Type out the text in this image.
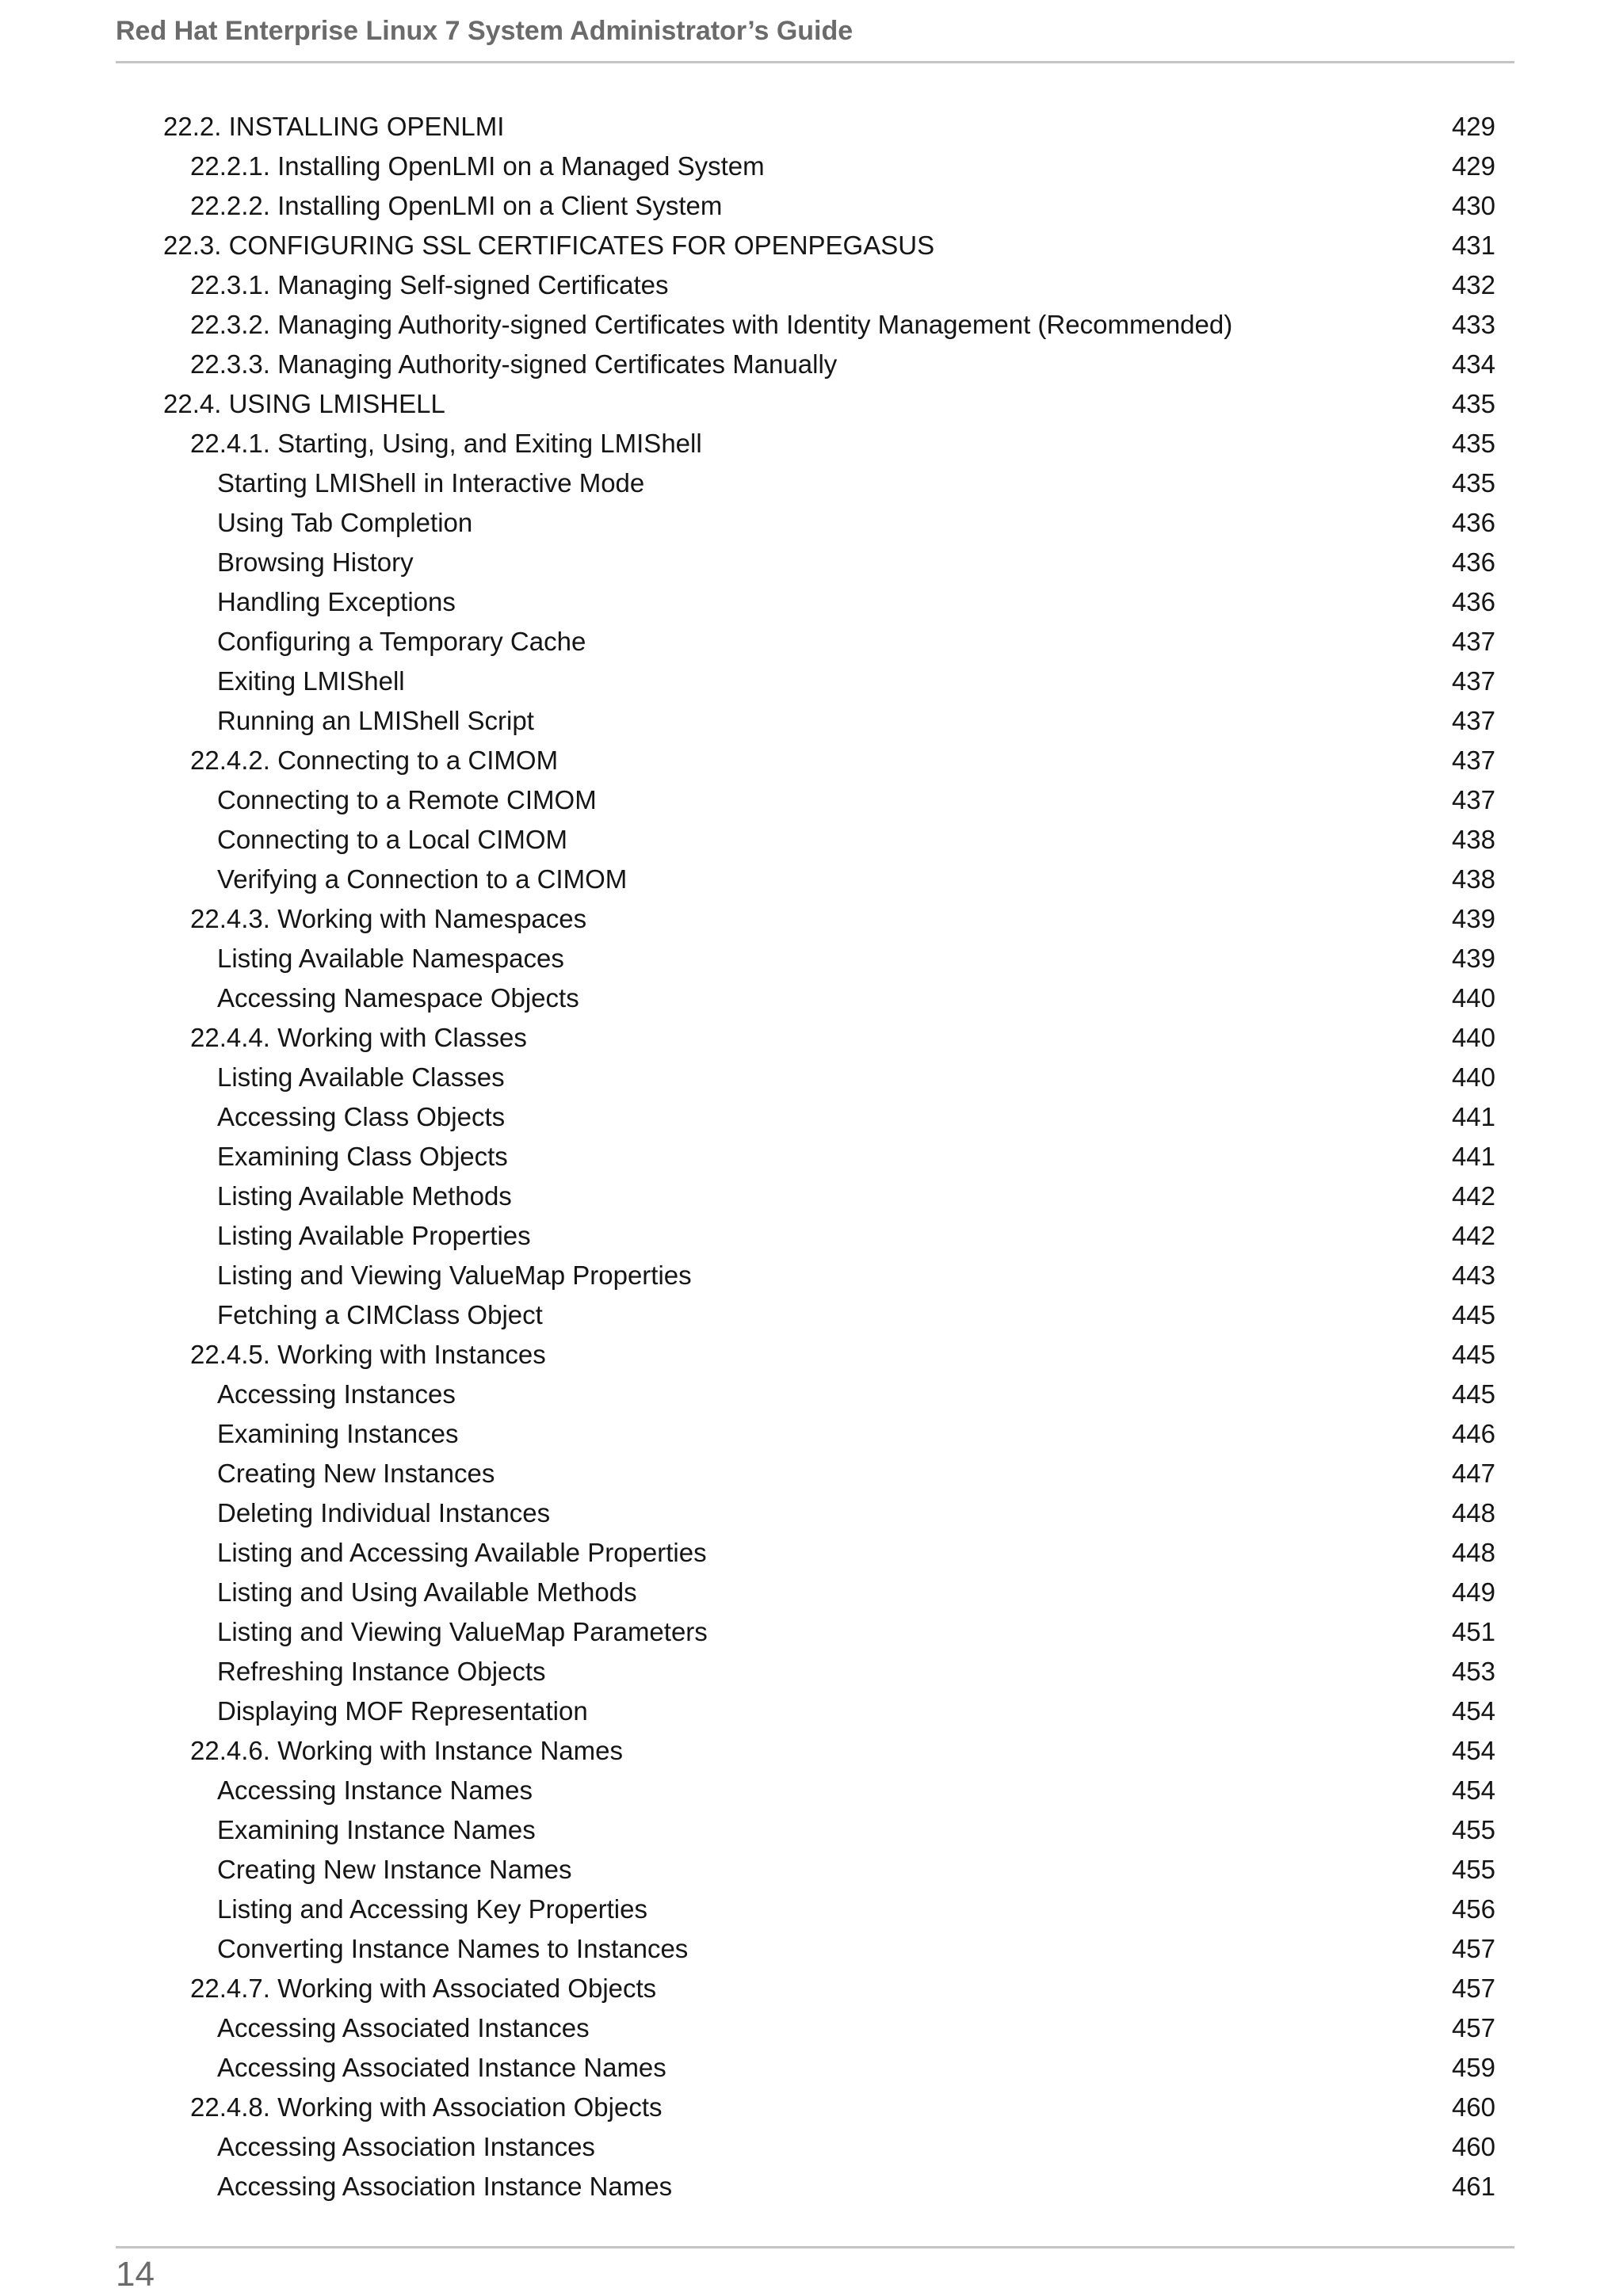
Red Hat Enterprise Linux 7 System Administrator’s Guide
22.2. INSTALLING OPENLMI	429
22.2.1. Installing OpenLMI on a Managed System	429
22.2.2. Installing OpenLMI on a Client System	430
22.3. CONFIGURING SSL CERTIFICATES FOR OPENPEGASUS	431
22.3.1. Managing Self-signed Certificates	432
22.3.2. Managing Authority-signed Certificates with Identity Management (Recommended)	433
22.3.3. Managing Authority-signed Certificates Manually	434
22.4. USING LMISHELL	435
22.4.1. Starting, Using, and Exiting LMIShell	435
Starting LMIShell in Interactive Mode	435
Using Tab Completion	436
Browsing History	436
Handling Exceptions	436
Configuring a Temporary Cache	437
Exiting LMIShell	437
Running an LMIShell Script	437
22.4.2. Connecting to a CIMOM	437
Connecting to a Remote CIMOM	437
Connecting to a Local CIMOM	438
Verifying a Connection to a CIMOM	438
22.4.3. Working with Namespaces	439
Listing Available Namespaces	439
Accessing Namespace Objects	440
22.4.4. Working with Classes	440
Listing Available Classes	440
Accessing Class Objects	441
Examining Class Objects	441
Listing Available Methods	442
Listing Available Properties	442
Listing and Viewing ValueMap Properties	443
Fetching a CIMClass Object	445
22.4.5. Working with Instances	445
Accessing Instances	445
Examining Instances	446
Creating New Instances	447
Deleting Individual Instances	448
Listing and Accessing Available Properties	448
Listing and Using Available Methods	449
Listing and Viewing ValueMap Parameters	451
Refreshing Instance Objects	453
Displaying MOF Representation	454
22.4.6. Working with Instance Names	454
Accessing Instance Names	454
Examining Instance Names	455
Creating New Instance Names	455
Listing and Accessing Key Properties	456
Converting Instance Names to Instances	457
22.4.7. Working with Associated Objects	457
Accessing Associated Instances	457
Accessing Associated Instance Names	459
22.4.8. Working with Association Objects	460
Accessing Association Instances	460
Accessing Association Instance Names	461
14
